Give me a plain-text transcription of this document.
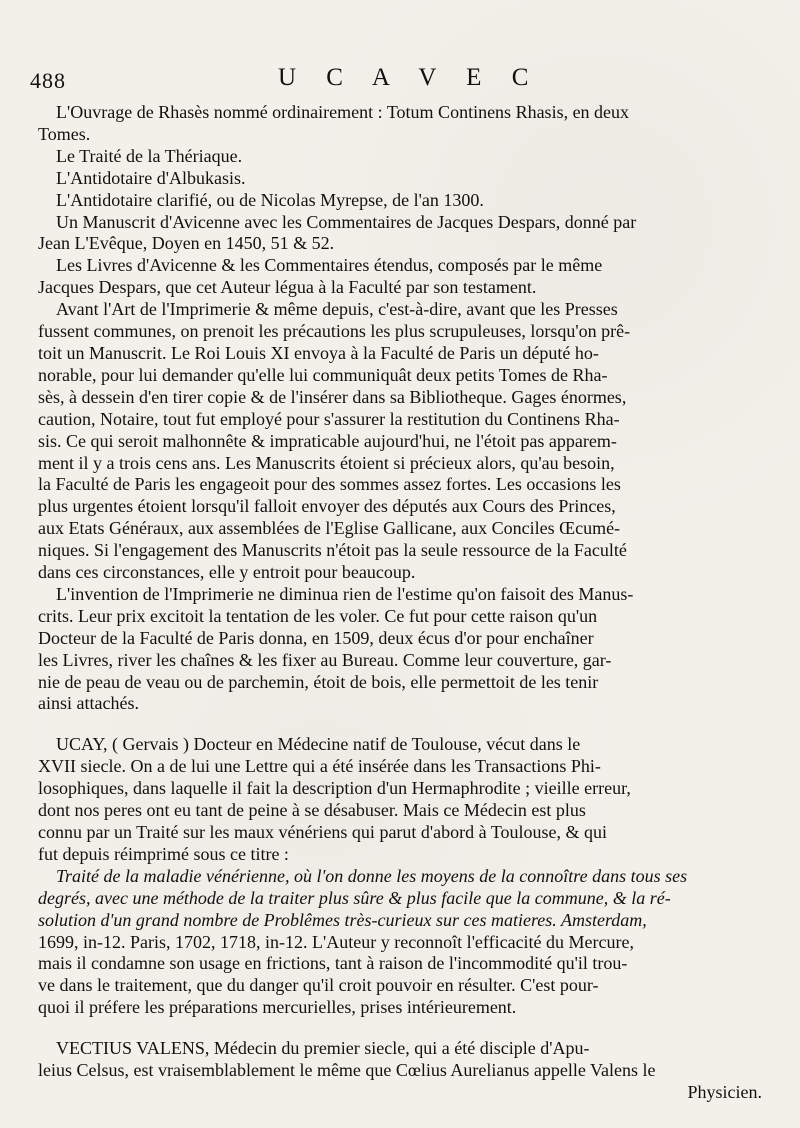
488	U C A V E C
L'Ouvrage de Rhasès nommé ordinairement : Totum Continens Rhasis, en deux
Tomes.
Le Traité de la Thériaque.
L'Antidotaire d'Albukasis.
L'Antidotaire clarifié, ou de Nicolas Myrepse, de l'an 1300.
Un Manuscrit d'Avicenne avec les Commentaires de Jacques Despars, donné par
Jean L'Evêque, Doyen en 1450, 51 & 52.
Les Livres d'Avicenne & les Commentaires étendus, composés par le même
Jacques Despars, que cet Auteur légua à la Faculté par son testament.
Avant l'Art de l'Imprimerie & même depuis, c'est-à-dire, avant que les Presses
fussent communes, on prenoit les précautions les plus scrupuleuses, lorsqu'on prê-
toit un Manuscrit. Le Roi Louis XI envoya à la Faculté de Paris un député ho-
norable, pour lui demander qu'elle lui communiquât deux petits Tomes de Rha-
sès, à dessein d'en tirer copie & de l'insérer dans sa Bibliotheque. Gages énormes,
caution, Notaire, tout fut employé pour s'assurer la restitution du Continens Rha-
sis. Ce qui seroit malhonnête & impraticable aujourd'hui, ne l'étoit pas apparem-
ment il y a trois cens ans. Les Manuscrits étoient si précieux alors, qu'au besoin,
la Faculté de Paris les engageoit pour des sommes assez fortes. Les occasions les
plus urgentes étoient lorsqu'il falloit envoyer des députés aux Cours des Princes,
aux Etats Généraux, aux assemblées de l'Eglise Gallicane, aux Conciles Œcumé-
niques. Si l'engagement des Manuscrits n'étoit pas la seule ressource de la Faculté
dans ces circonstances, elle y entroit pour beaucoup.
L'invention de l'Imprimerie ne diminua rien de l'estime qu'on faisoit des Manus-
crits. Leur prix excitoit la tentation de les voler. Ce fut pour cette raison qu'un
Docteur de la Faculté de Paris donna, en 1509, deux écus d'or pour enchaîner
les Livres, river les chaînes & les fixer au Bureau. Comme leur couverture, gar-
nie de peau de veau ou de parchemin, étoit de bois, elle permettoit de les tenir
ainsi attachés.
UCAY, ( Gervais ) Docteur en Médecine natif de Toulouse, vécut dans le
XVII siecle. On a de lui une Lettre qui a été insérée dans les Transactions Phi-
losophiques, dans laquelle il fait la description d'un Hermaphrodite ; vieille erreur,
dont nos peres ont eu tant de peine à se désabuser. Mais ce Médecin est plus
connu par un Traité sur les maux vénériens qui parut d'abord à Toulouse, & qui
fut depuis réimprimé sous ce titre :
Traité de la maladie vénérienne, où l'on donne les moyens de la connoître dans tous ses
degrés, avec une méthode de la traiter plus sûre & plus facile que la commune, & la ré-
solution d'un grand nombre de Problêmes très-curieux sur ces matieres. Amsterdam,
1699, in-12. Paris, 1702, 1718, in-12. L'Auteur y reconnoît l'efficacité du Mercure,
mais il condamne son usage en frictions, tant à raison de l'incommodité qu'il trou-
ve dans le traitement, que du danger qu'il croit pouvoir en résulter. C'est pour-
quoi il préfere les préparations mercurielles, prises intérieurement.
VECTIUS VALENS, Médecin du premier siecle, qui a été disciple d'Apu-
leius Celsus, est vraisemblablement le même que Cœlius Aurelianus appelle Valens le
Physicien.
